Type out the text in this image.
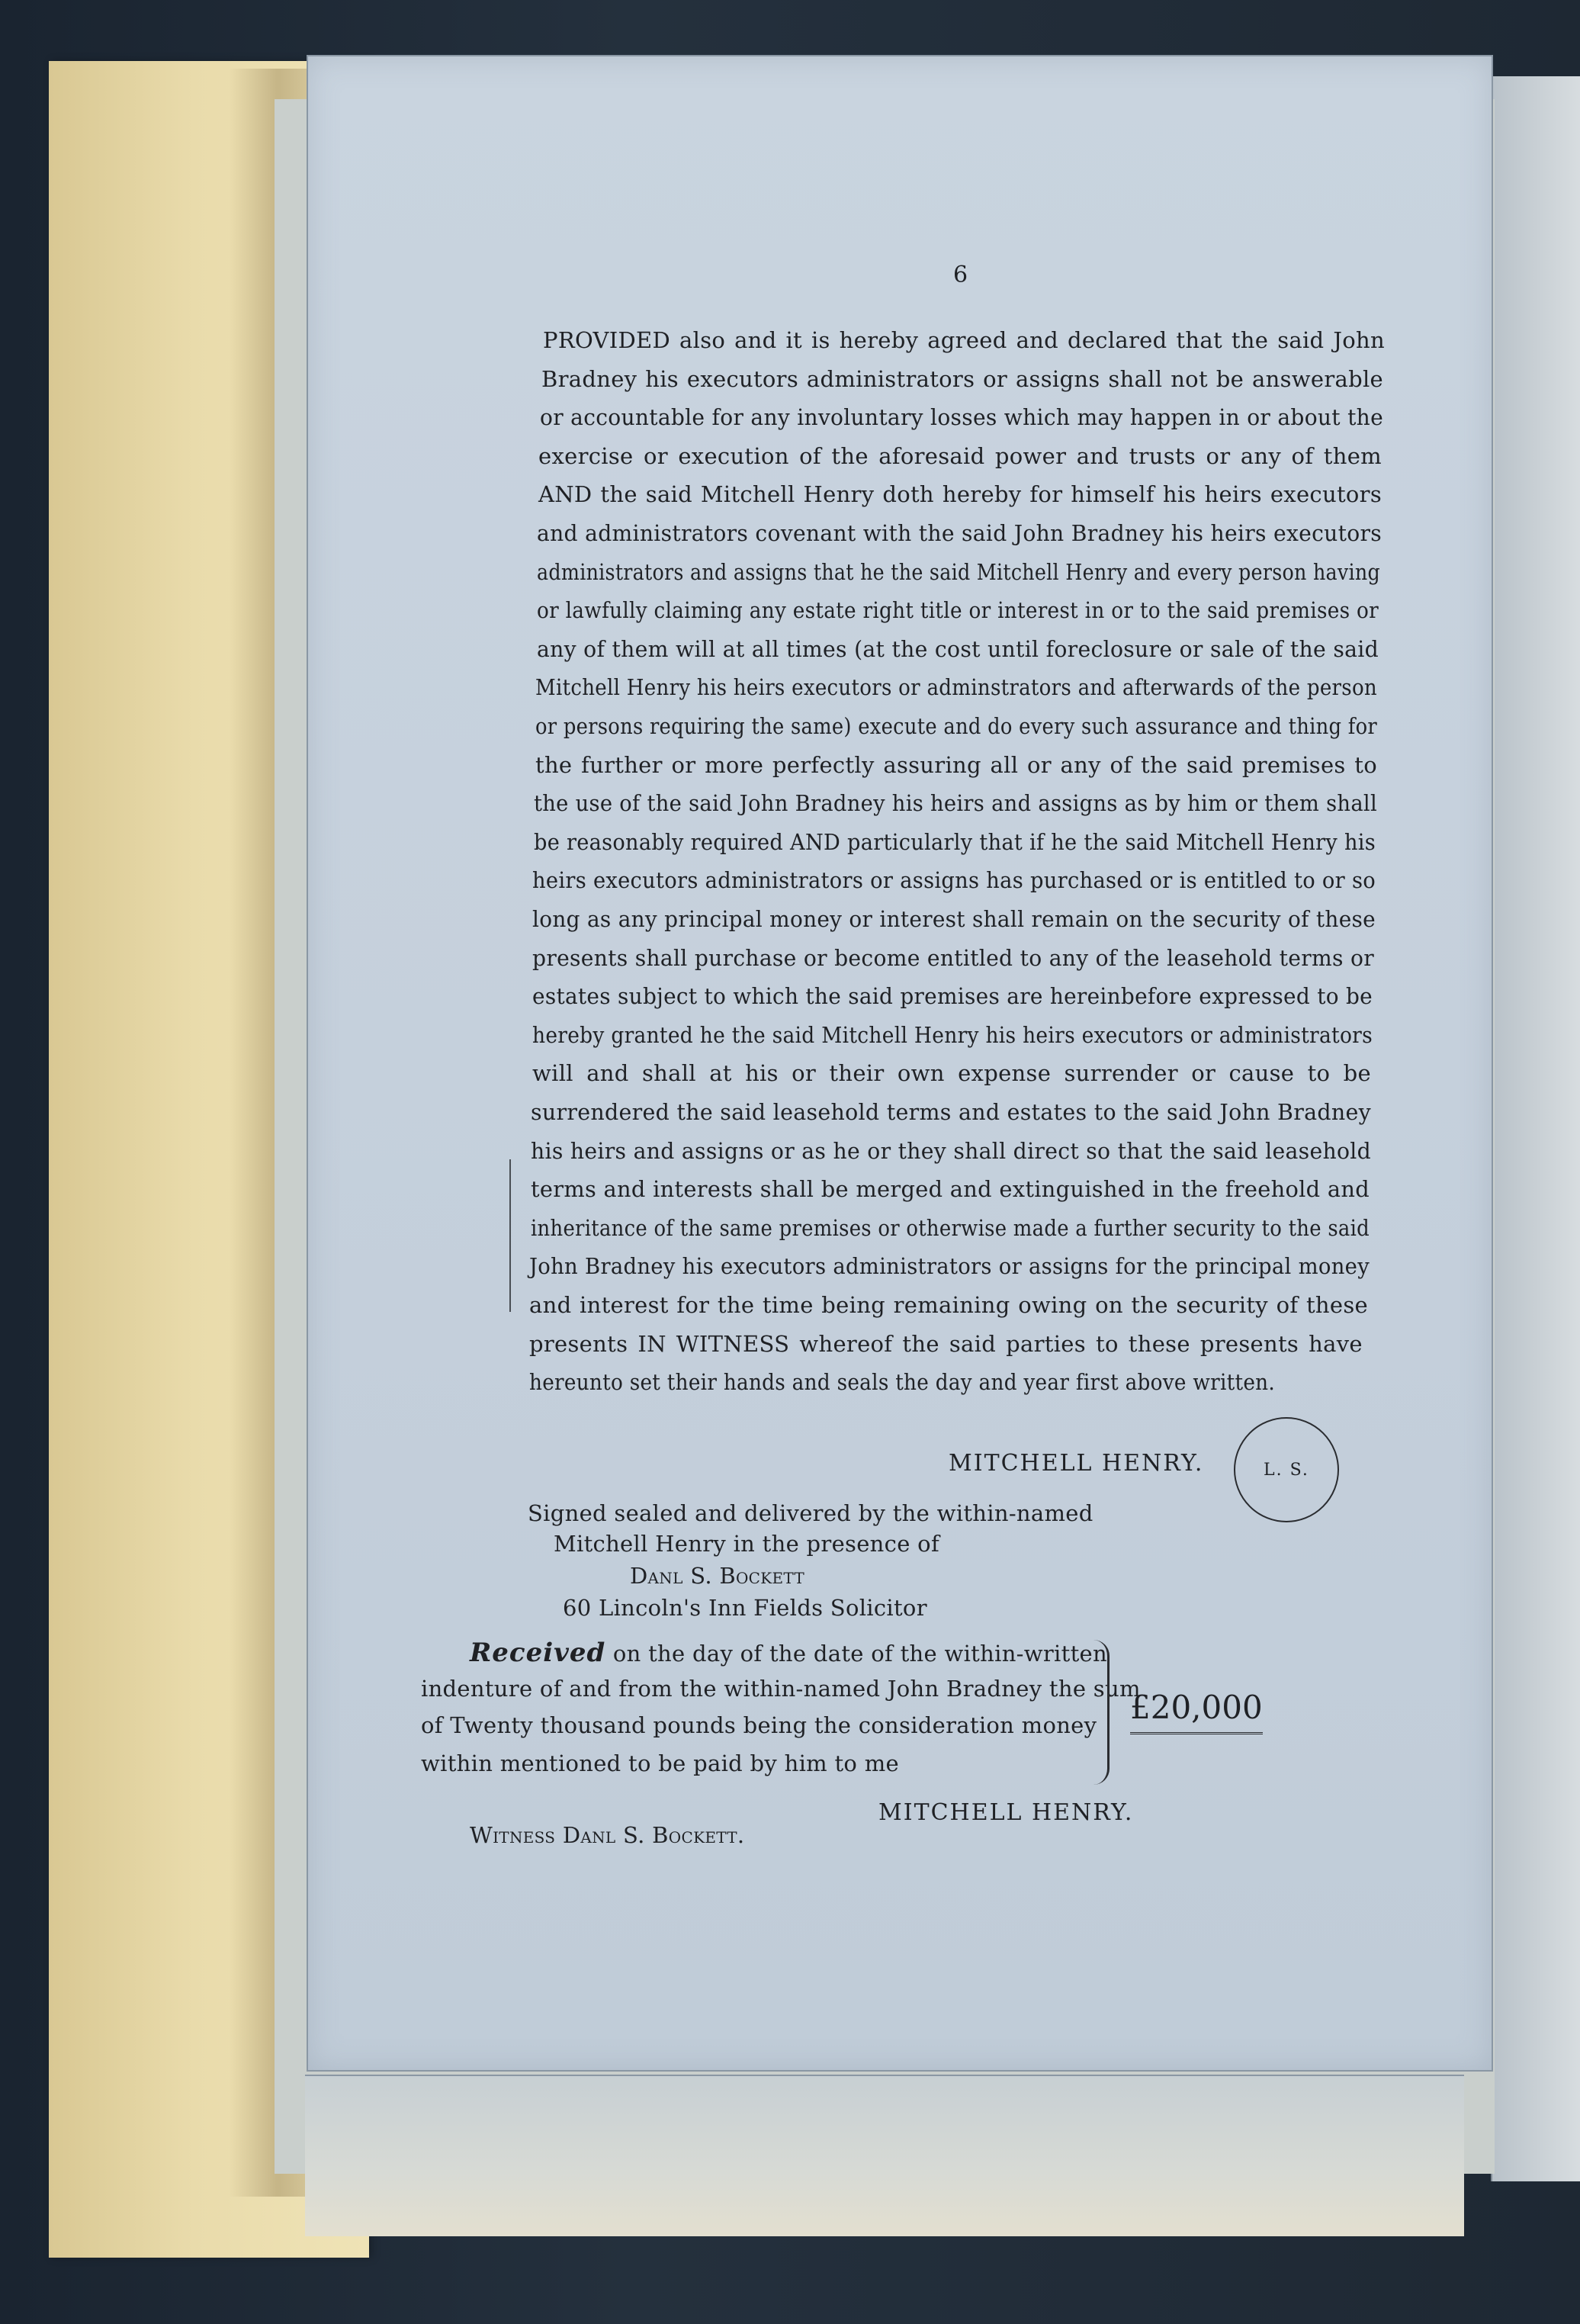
6
PROVIDED also and it is hereby agreed and declared that the said John
Bradney his executors administrators or assigns shall not be answerable
or accountable for any involuntary losses which may happen in or about the
exercise or execution of the aforesaid power and trusts or any of them
AND the said Mitchell Henry doth hereby for himself his heirs executors
and administrators covenant with the said John Bradney his heirs executors
administrators and assigns that he the said Mitchell Henry and every person having
or lawfully claiming any estate right title or interest in or to the said premises or
any of them will at all times (at the cost until foreclosure or sale of the said
Mitchell Henry his heirs executors or adminstrators and afterwards of the person
or persons requiring the same) execute and do every such assurance and thing for
the further or more perfectly assuring all or any of the said premises to
the use of the said John Bradney his heirs and assigns as by him or them shall
be reasonably required AND particularly that if he the said Mitchell Henry his
heirs executors administrators or assigns has purchased or is entitled to or so
long as any principal money or interest shall remain on the security of these
presents shall purchase or become entitled to any of the leasehold terms or
estates subject to which the said premises are hereinbefore expressed to be
hereby granted he the said Mitchell Henry his heirs executors or administrators
will and shall at his or their own expense surrender or cause to be
surrendered the said leasehold terms and estates to the said John Bradney
his heirs and assigns or as he or they shall direct so that the said leasehold
terms and interests shall be merged and extinguished in the freehold and
inheritance of the same premises or otherwise made a further security to the said
John Bradney his executors administrators or assigns for the principal money
and interest for the time being remaining owing on the security of these
presents IN WITNESS whereof the said parties to these presents have
hereunto set their hands and seals the day and year first above written.
MITCHELL HENRY.	L. S.
Signed sealed and delivered by the within-named
Mitchell Henry in the presence of
Danl S. Bockett
60 Lincoln's Inn Fields Solicitor
Received on the day of the date of the within-written
indenture of and from the within-named John Bradney the sum
of Twenty thousand pounds being the consideration money
within mentioned to be paid by him to me
£20,000
MITCHELL HENRY.
Witness Danl S. Bockett.
